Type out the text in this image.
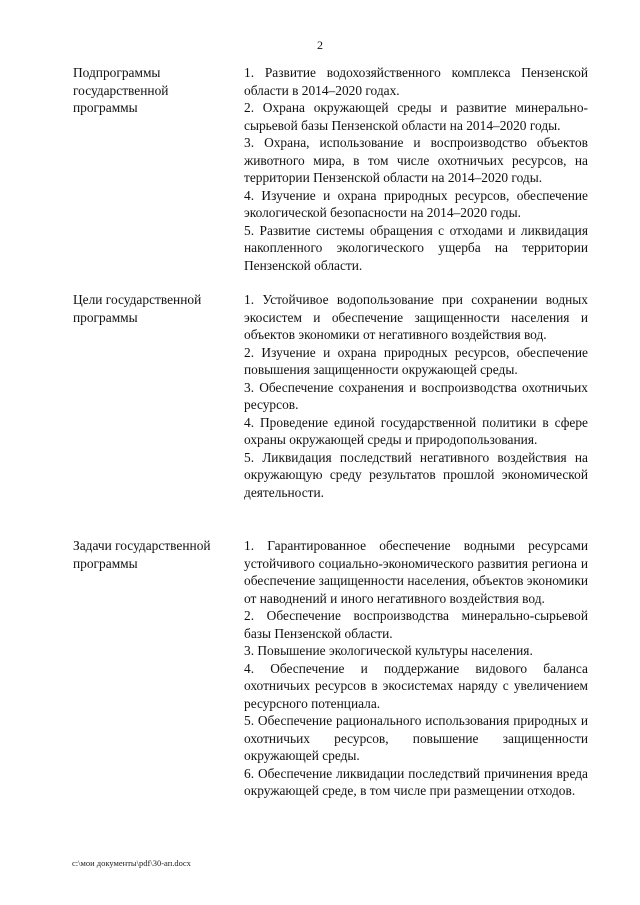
2
Подпрограммы государственной программы

1. Развитие водохозяйственного комплекса Пензенской области в 2014–2020 годах.

2. Охрана окружающей среды и развитие минерально-сырьевой базы Пензенской области на 2014–2020 годы.

3. Охрана, использование и воспроизводство объектов животного мира, в том числе охотничьих ресурсов, на территории Пензенской области на 2014–2020 годы.

4. Изучение и охрана природных ресурсов, обеспечение экологической безопасности на 2014–2020 годы.

5. Развитие системы обращения с отходами и ликвидация накопленного экологического ущерба на территории Пензенской области.

Цели государственной программы

1. Устойчивое водопользование при сохранении водных экосистем и обеспечение защищенности населения и объектов экономики от негативного воздействия вод.

2. Изучение и охрана природных ресурсов, обеспечение повышения защищенности окружающей среды.

3. Обеспечение сохранения и воспроизводства охотничьих ресурсов.

4. Проведение единой государственной политики в сфере охраны окружающей среды и природопользования.

5. Ликвидация последствий негативного воздействия на окружающую среду результатов прошлой экономической деятельности.

Задачи государственной программы

1. Гарантированное обеспечение водными ресурсами устойчивого социально-экономического развития региона и обеспечение защищенности населения, объектов экономики от наводнений и иного негативного воздействия вод.

2. Обеспечение воспроизводства минерально-сырьевой базы Пензенской области.

3. Повышение экологической культуры населения.

4. Обеспечение и поддержание видового баланса охотничьих ресурсов в экосистемах наряду с увеличением ресурсного потенциала.

5. Обеспечение рационального использования природных и охотничьих ресурсов, повышение защищенности окружающей среды.

6. Обеспечение ликвидации последствий причинения вреда окружающей среде, в том числе при размещении отходов.

c:\мои документы\pdf\30-ап.docx
